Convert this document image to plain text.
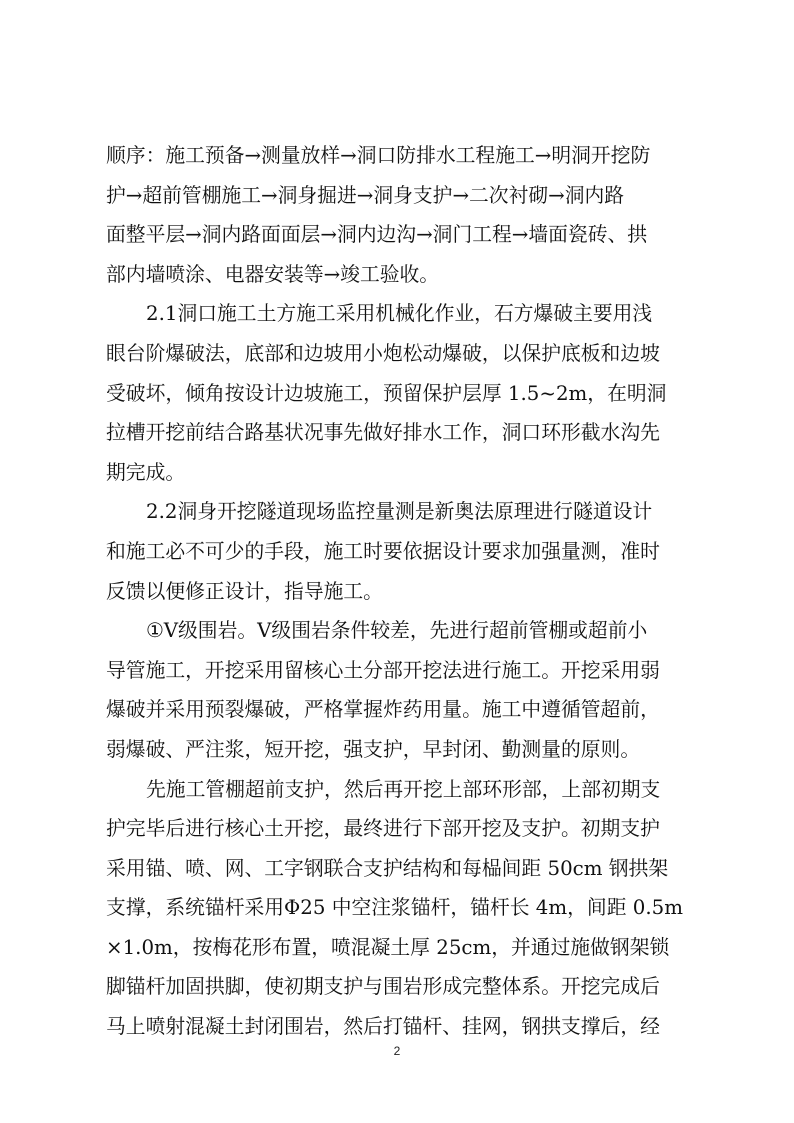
顺序：施工预备→测量放样→洞口防排水工程施工→明洞开挖防
护→超前管棚施工→洞身掘进→洞身支护→二次衬砌→洞内路
面整平层→洞内路面面层→洞内边沟→洞门工程→墙面瓷砖、拱
部内墙喷涂、电器安装等→竣工验收。

2.1洞口施工土方施工采用机械化作业，石方爆破主要用浅
眼台阶爆破法，底部和边坡用小炮松动爆破，以保护底板和边坡
受破坏，倾角按设计边坡施工，预留保护层厚 1.5~2m，在明洞
拉槽开挖前结合路基状况事先做好排水工作，洞口环形截水沟先
期完成。

2.2洞身开挖隧道现场监控量测是新奥法原理进行隧道设计
和施工必不可少的手段，施工时要依据设计要求加强量测，准时
反馈以便修正设计，指导施工。

①Ⅴ级围岩。Ⅴ级围岩条件较差，先进行超前管棚或超前小
导管施工，开挖采用留核心土分部开挖法进行施工。开挖采用弱
爆破并采用预裂爆破，严格掌握炸药用量。施工中遵循管超前，
弱爆破、严注浆，短开挖，强支护，早封闭、勤测量的原则。

先施工管棚超前支护，然后再开挖上部环形部，上部初期支
护完毕后进行核心土开挖，最终进行下部开挖及支护。初期支护
采用锚、喷、网、工字钢联合支护结构和每榀间距 50cm 钢拱架
支撑，系统锚杆采用Φ25 中空注浆锚杆，锚杆长 4m，间距 0.5m
×1.0m，按梅花形布置，喷混凝土厚 25cm，并通过施做钢架锁
脚锚杆加固拱脚，使初期支护与围岩形成完整体系。开挖完成后
马上喷射混凝土封闭围岩，然后打锚杆、挂网，钢拱支撑后，经

2
